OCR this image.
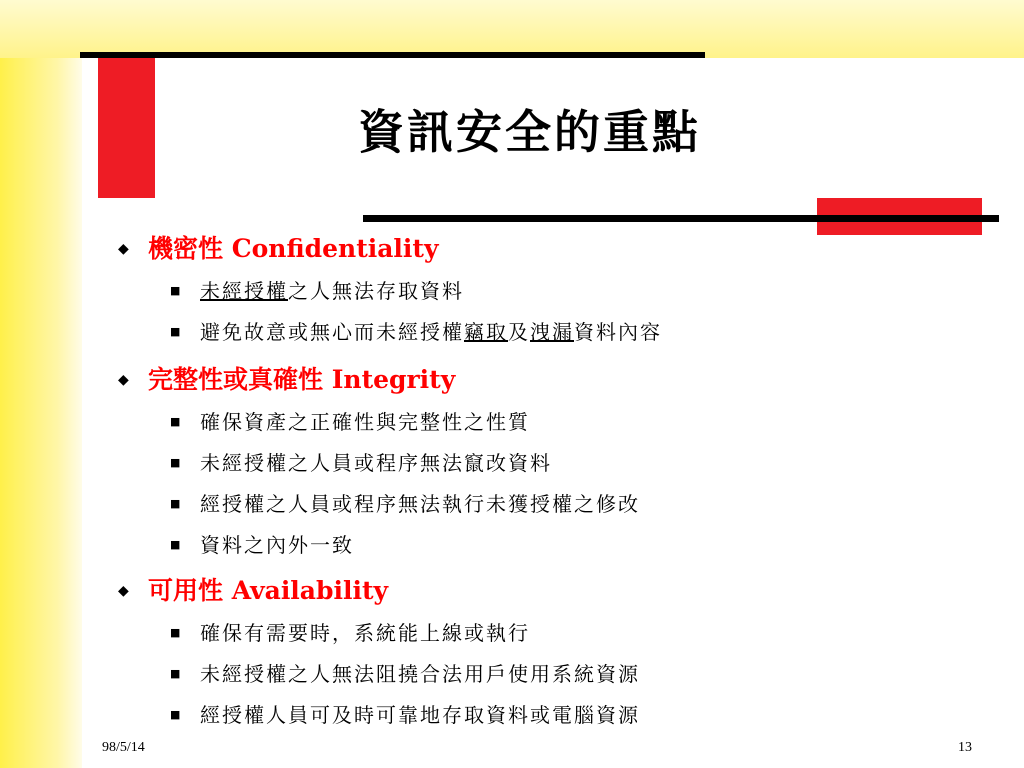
資訊安全的重點
◆ 機密性 Confidentiality
■ 未經授權之人無法存取資料
■ 避免故意或無心而未經授權竊取及洩漏資料內容
◆ 完整性或真確性 Integrity
■ 確保資產之正確性與完整性之性質
■ 未經授權之人員或程序無法竄改資料
■ 經授權之人員或程序無法執行未獲授權之修改
■ 資料之內外一致
◆ 可用性 Availability
■ 確保有需要時，系統能上線或執行
■ 未經授權之人無法阻撓合法用戶使用系統資源
■ 經授權人員可及時可靠地存取資料或電腦資源
98/5/14	13
